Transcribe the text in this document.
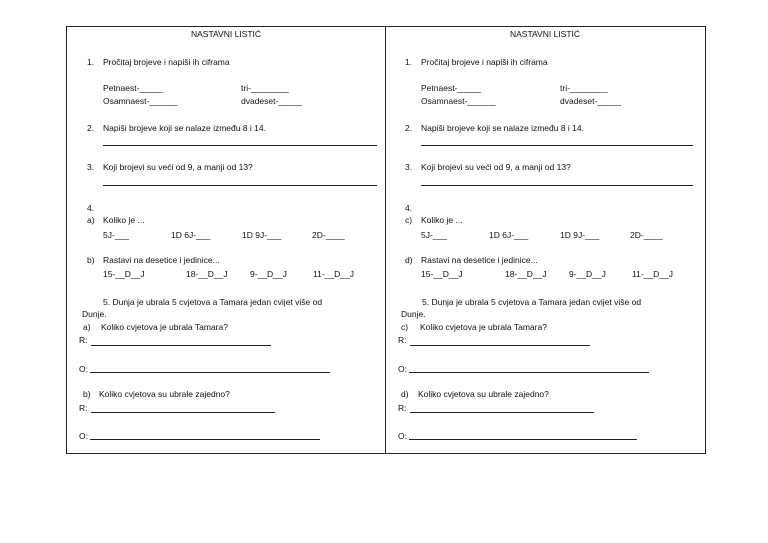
NASTAVNI LISTIĆ
1. Pročitaj brojeve i napiši ih ciframa
Petnaest-_____	tri-________
Osamnaest-______	dvadeset-_____
2. Napiši brojeve koji se nalaze između 8 i 14.
3. Koji brojevi su veći od 9, a manji od 13?
4.
a) Koliko je ...
5J-___	1D 6J-___	1D 9J-___	2D-____
b) Rastavi na desetice i jedinice...
15-__D__J	18-__D__J	9-__D__J	11-__D__J
5. Dunja je ubrala 5 cvjetova a Tamara jedan cvijet više od
Dunje.
a) Koliko cvjetova je ubrala Tamara?
R:
O:
b) Koliko cvjetova su ubrale zajedno?
R:
O:
NASTAVNI LISTIĆ
1. Pročitaj brojeve i napiši ih ciframa
Petnaest-_____	tri-________
Osamnaest-______	dvadeset-_____
2. Napiši brojeve koji se nalaze između 8 i 14.
3. Koji brojevi su veći od 9, a manji od 13?
4.
c) Koliko je ...
5J-___	1D 6J-___	1D 9J-___	2D-____
d) Rastavi na desetice i jedinice...
15-__D__J	18-__D__J	9-__D__J	11-__D__J
5. Dunja je ubrala 5 cvjetova a Tamara jedan cvijet više od
Dunje.
c) Koliko cvjetova je ubrala Tamara?
R:
O:
d) Koliko cvjetova su ubrale zajedno?
R:
O:
